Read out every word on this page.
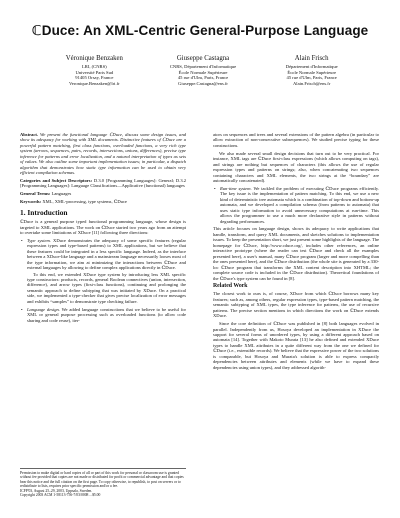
ℂDuce: An XML-Centric General-Purpose Language
Véronique Benzaken
LRI, (CNRS)
Université Paris Sud
91405 Orsay, France
Veronique.Benzaken@lri.fr
Giuseppe Castagna
CNRS, Département d'Informatique
École Normale Supérieure
45 rue d'Ulm, Paris, France
Giuseppe.Castagna@ens.fr
Alain Frisch
Département d'Informatique
École Normale Supérieure
45 rue d'Ulm, Paris, France
Alain.Frisch@ens.fr

Abstract. We present the functional language ℂDuce, discuss some design issues, and show its adequacy for working with XML documents. Distinctive features of ℂDuce are a powerful pattern matching, first class functions, overloaded functions, a very rich type system (arrows, sequences, pairs, records, intersections, unions, differences), precise type inference for patterns and error localization, and a natural interpretation of types as sets of values. We also outline some important implementation issues; in particular, a dispatch algorithm that demonstrates how static type information can be used to obtain very efficient compilation schemas.

Categories and Subject Descriptors: D.3.0 [Programming Languages]: General; D.3.2 [Programming Languages]: Language Classifications—Applicative (functional) languages

General Terms: Languages

Keywords: XML, XML-processing, type systems, ℂDuce

1. Introduction

ℂDuce is a general purpose typed functional programming language, whose design is targeted to XML applications. The work on ℂDuce started two years ago from an attempt to overtake some limitations of XDuce [11] following three directions:

• Type system. XDuce demonstrates the adequacy of some specific features (regular expression types and type-based patterns) to XML applications, but we believe that these features could be integrated in a less specific language. Indeed, as the interface between a XDuce-like language and a mainstream language necessarily looses most of the type information, we aim at minimizing the interactions between ℂDuce and external languages by allowing to define complex applications directly in ℂDuce.
To this end, we extended XDuce type system by introducing less XML specific type constructors: products, records, general Boolean connectives (union, intersection, difference), and arrow types (first-class functions), continuing and prolonging the semantic approach to define subtyping that was initiated by XDuce. On a practical side, we implemented a type-checker that gives precise localization of error messages and exhibits “samples” to demonstrate type checking failure.
• Language design. We added language constructions that we believe to be useful for XML or general purpose processing such as overloaded functions (to allow code sharing and code reuse), iter-
Permission to make digital or hard copies of all or part of this work for personal or classroom use is granted without fee provided that copies are not made or distributed for profit or commercial advantage and that copies bear this notice and the full citation on the first page. To copy otherwise, to republish, to post on servers or to redistribute to lists, requires prior specific permission and/or a fee.
ICFP'03, August 25–29, 2003, Uppsala, Sweden.
Copyright 2003 ACM 1-58113-756-7/03/0008 ...$5.00

ators on sequences and trees and several extensions of the pattern algebra (in particular to allow extraction of non-consecutive subsequences). We studied precise typing for these constructions.

We also made several small design decisions that turn out to be very practical. For instance, XML tags are ℂDuce first-class expressions (which allows computing on tags), and strings are nothing but sequences of characters (this allows the use of regular expression types and patterns on strings; also, when concatenating two sequences containing characters and XML elements, the two strings at the “boundary” are automatically concatenated).

• Run-time system. We tackled the problem of executing ℂDuce programs efficiently. The key issue is the implementation of pattern matching. To this end, we use a new kind of deterministic tree automata which is a combination of top-down and bottom-up automata, and we developed a compilation schema (from patterns to automata) that uses static type information to avoid unnecessary computations at run-time. This allows the programmer to use a much more declarative style in patterns without degrading performances.

This article focuses on language design, shows its adequacy to write applications that handle, transform, and query XML documents, and sketches solutions to implementation issues. To keep the presentation short, we just present some highlights of the language. The homepage for ℂDuce, http://www.cduce.org/, includes other references, an online interactive prototype (where the reader can test ℂDuce and check all the examples presented here), a user's manual, many ℂDuce program (larger and more compelling than the ones presented here), and the ℂDuce distribution (the whole site is generated by a 330-loc ℂDuce program that transforms the XML content description into XHTML; the complete source code is included in the ℂDuce distribution). Theoretical foundations of the ℂDuce's type system can be found in [8].

Related Work

The closest work to ours is, of course, XDuce from which ℂDuce borrows many key features; such as, among others, regular expression types, type-based pattern matching, the semantic subtyping of XML types, the type inference for patterns, the use of recursive patterns. The precise section mentions in which directions the work on ℂDuce extends XDuce.

Since the core definition of ℂDuce was published in [8] both languages evolved in parallel. Independently from us, Hosoya developed an implementation in XDuce the support for several forms of unordered types, by using a different approach based on automata [14]. Together with Makoto Murata [13] he also defined and extended XDuce types to handle XML attributes in a quite different way from the one we defined for ℂDuce (i.e., extensible records). We believe that the expressive power of the two solutions is comparable, but Hosoya and Murata's solution is able to express compactly dependencies between attributes and elements (while we have to expand these dependencies using union types), and they addressed algorith-
